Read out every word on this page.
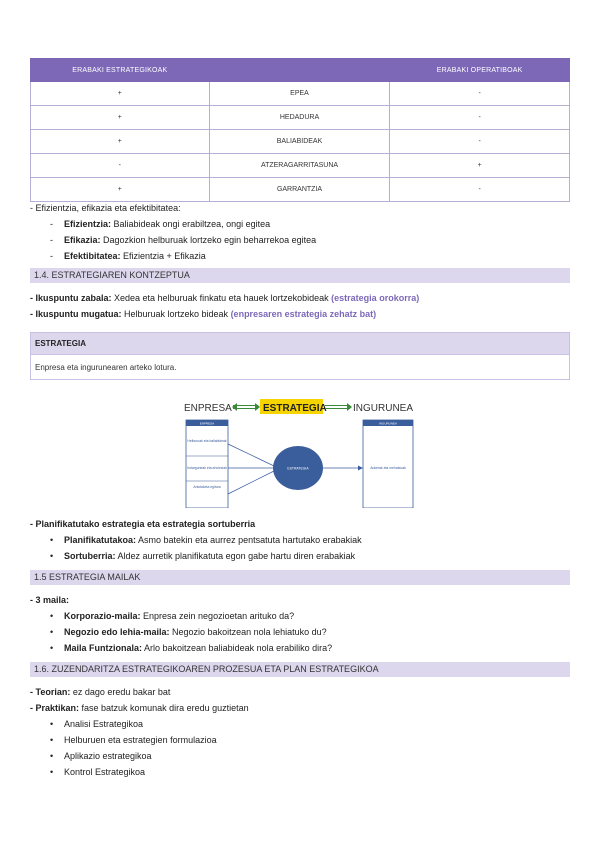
ERABAKI ESTRATEGIKOAK		ERABAKI OPERATIBOAK
+	EPEA	-
+	HEDADURA	-
+	BALIABIDEAK	-
-	ATZERAGARRITASUNA	+
+	GARRANTZIA	-
- Efizientzia, efikazia eta efektibitatea:
- Efizientzia: Baliabideak ongi erabiltzea, ongi egitea
- Efikazia: Dagozkion helburuak lortzeko egin beharrekoa egitea
- Efektibitatea: Efizientzia + Efikazia
1.4. ESTRATEGIAREN KONTZEPTUA
- Ikuspuntu zabala: Xedea eta helburuak finkatu eta hauek lortzekobideak (estrategia orokorra)
- Ikuspuntu mugatua: Helburuak lortzeko bideak (enpresaren estrategia zehatz bat)
ESTRATEGIA
Enpresa eta ingurunearen arteko lotura.
ENPRESA	ESTRATEGIA	INGURUNEA
ENPRESA
Helburuak eta baliabideak
Indarguneak eta ahuleziak
Antolaketa egitura
ESTRATEGIA
INGURUNEA
Aukerak eta mehatxuak
- Planifikatutako estrategia eta estrategia sortuberria
• Planifikatutakoa: Asmo batekin eta aurrez pentsatuta hartutako erabakiak
• Sortuberria: Aldez aurretik planifikatuta egon gabe hartu diren erabakiak
1.5 ESTRATEGIA MAILAK
- 3 maila:
• Korporazio-maila: Enpresa zein negozioetan arituko da?
• Negozio edo lehia-maila: Negozio bakoitzean nola lehiatuko du?
• Maila Funtzionala: Arlo bakoitzean baliabideak nola erabiliko dira?
1.6. ZUZENDARITZA ESTRATEGIKOAREN PROZESUA ETA PLAN ESTRATEGIKOA
- Teorian: ez dago eredu bakar bat
- Praktikan: fase batzuk komunak dira eredu guztietan
• Analisi Estrategikoa
• Helburuen eta estrategien formulazioa
• Aplikazio estrategikoa
• Kontrol Estrategikoa
